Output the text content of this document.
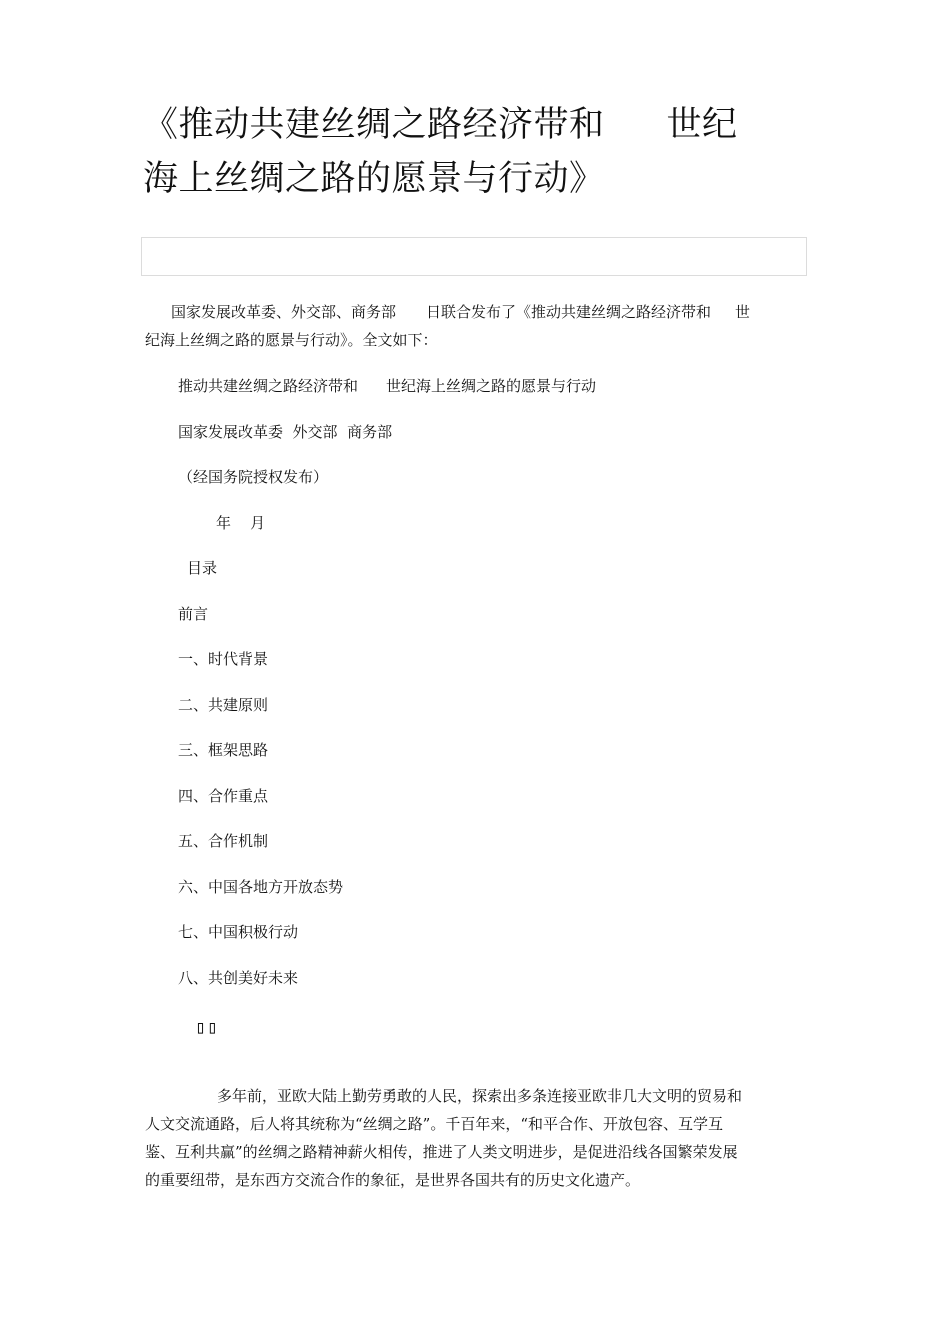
《推动共建丝绸之路经济带和 世纪
海上丝绸之路的愿景与行动》
国家发展改革委、外交部、商务部 日联合发布了《推动共建丝绸之路经济带和 世
纪海上丝绸之路的愿景与行动》。全文如下：
推动共建丝绸之路经济带和 世纪海上丝绸之路的愿景与行动
国家发展改革委  外交部  商务部
（经国务院授权发布）
年    月
目录
前言
一、时代背景
二、共建原则
三、框架思路
四、合作重点
五、合作机制
六、中国各地方开放态势
七、中国积极行动
八、共创美好未来
▯▯
多年前，亚欧大陆上勤劳勇敢的人民，探索出多条连接亚欧非几大文明的贸易和
人文交流通路，后人将其统称为“丝绸之路”。千百年来，“和平合作、开放包容、互学互
鉴、互利共赢”的丝绸之路精神薪火相传，推进了人类文明进步，是促进沿线各国繁荣发展
的重要纽带，是东西方交流合作的象征，是世界各国共有的历史文化遗产。
